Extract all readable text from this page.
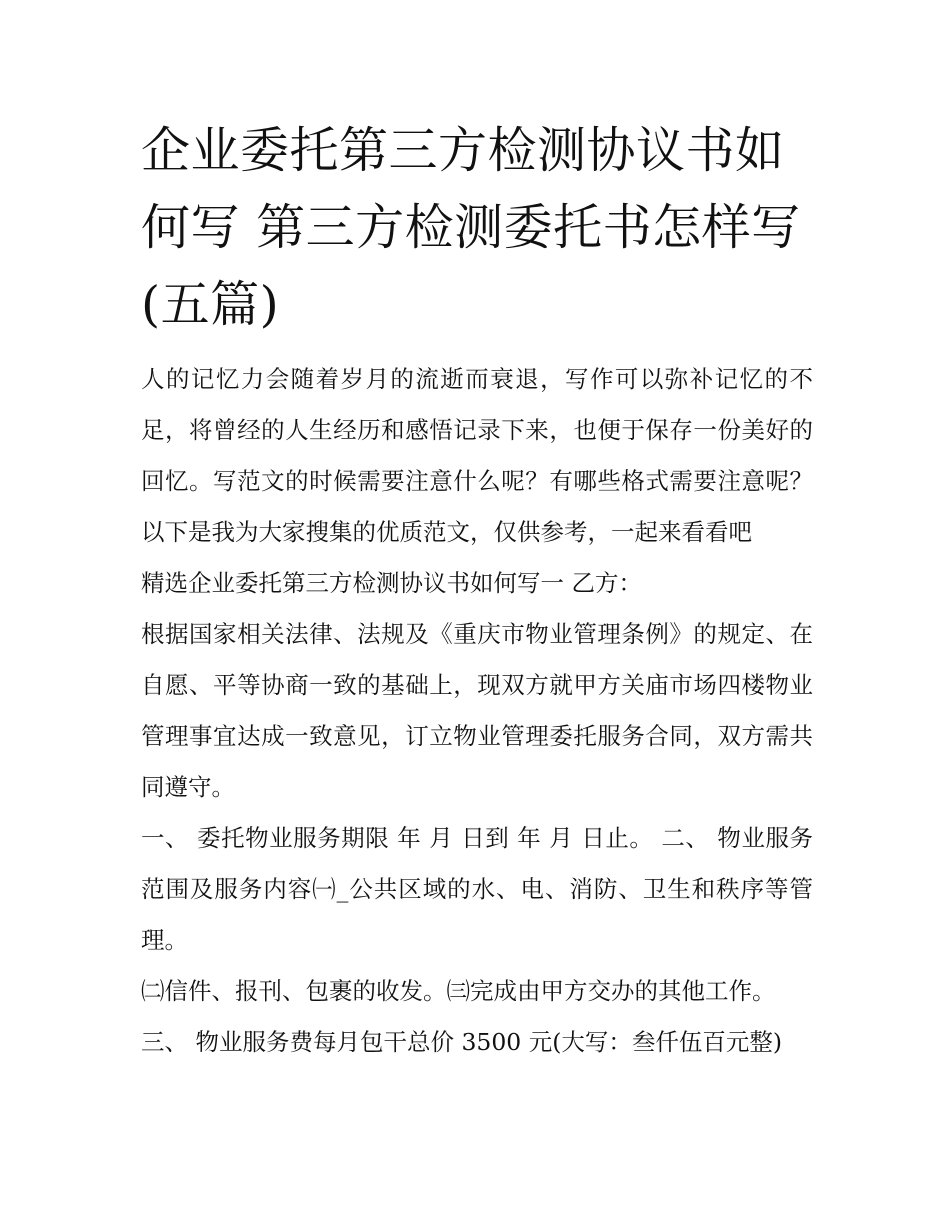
企业委托第三方检测协议书如何写 第三方检测委托书怎样写(五篇)

人的记忆力会随着岁月的流逝而衰退，写作可以弥补记忆的不足，将曾经的人生经历和感悟记录下来，也便于保存一份美好的回忆。写范文的时候需要注意什么呢？有哪些格式需要注意呢？以下是我为大家搜集的优质范文，仅供参考，一起来看看吧

精选企业委托第三方检测协议书如何写一 乙方：

根据国家相关法律、法规及《重庆市物业管理条例》的规定、在自愿、平等协商一致的基础上，现双方就甲方关庙市场四楼物业管理事宜达成一致意见，订立物业管理委托服务合同，双方需共同遵守。

一、 委托物业服务期限 年 月 日到 年 月 日止。 二、 物业服务范围及服务内容㈠_公共区域的水、电、消防、卫生和秩序等管理。

㈡信件、报刊、包裹的收发。㈢完成由甲方交办的其他工作。

三、 物业服务费每月包干总价 3500 元(大写：叁仟伍百元整)
